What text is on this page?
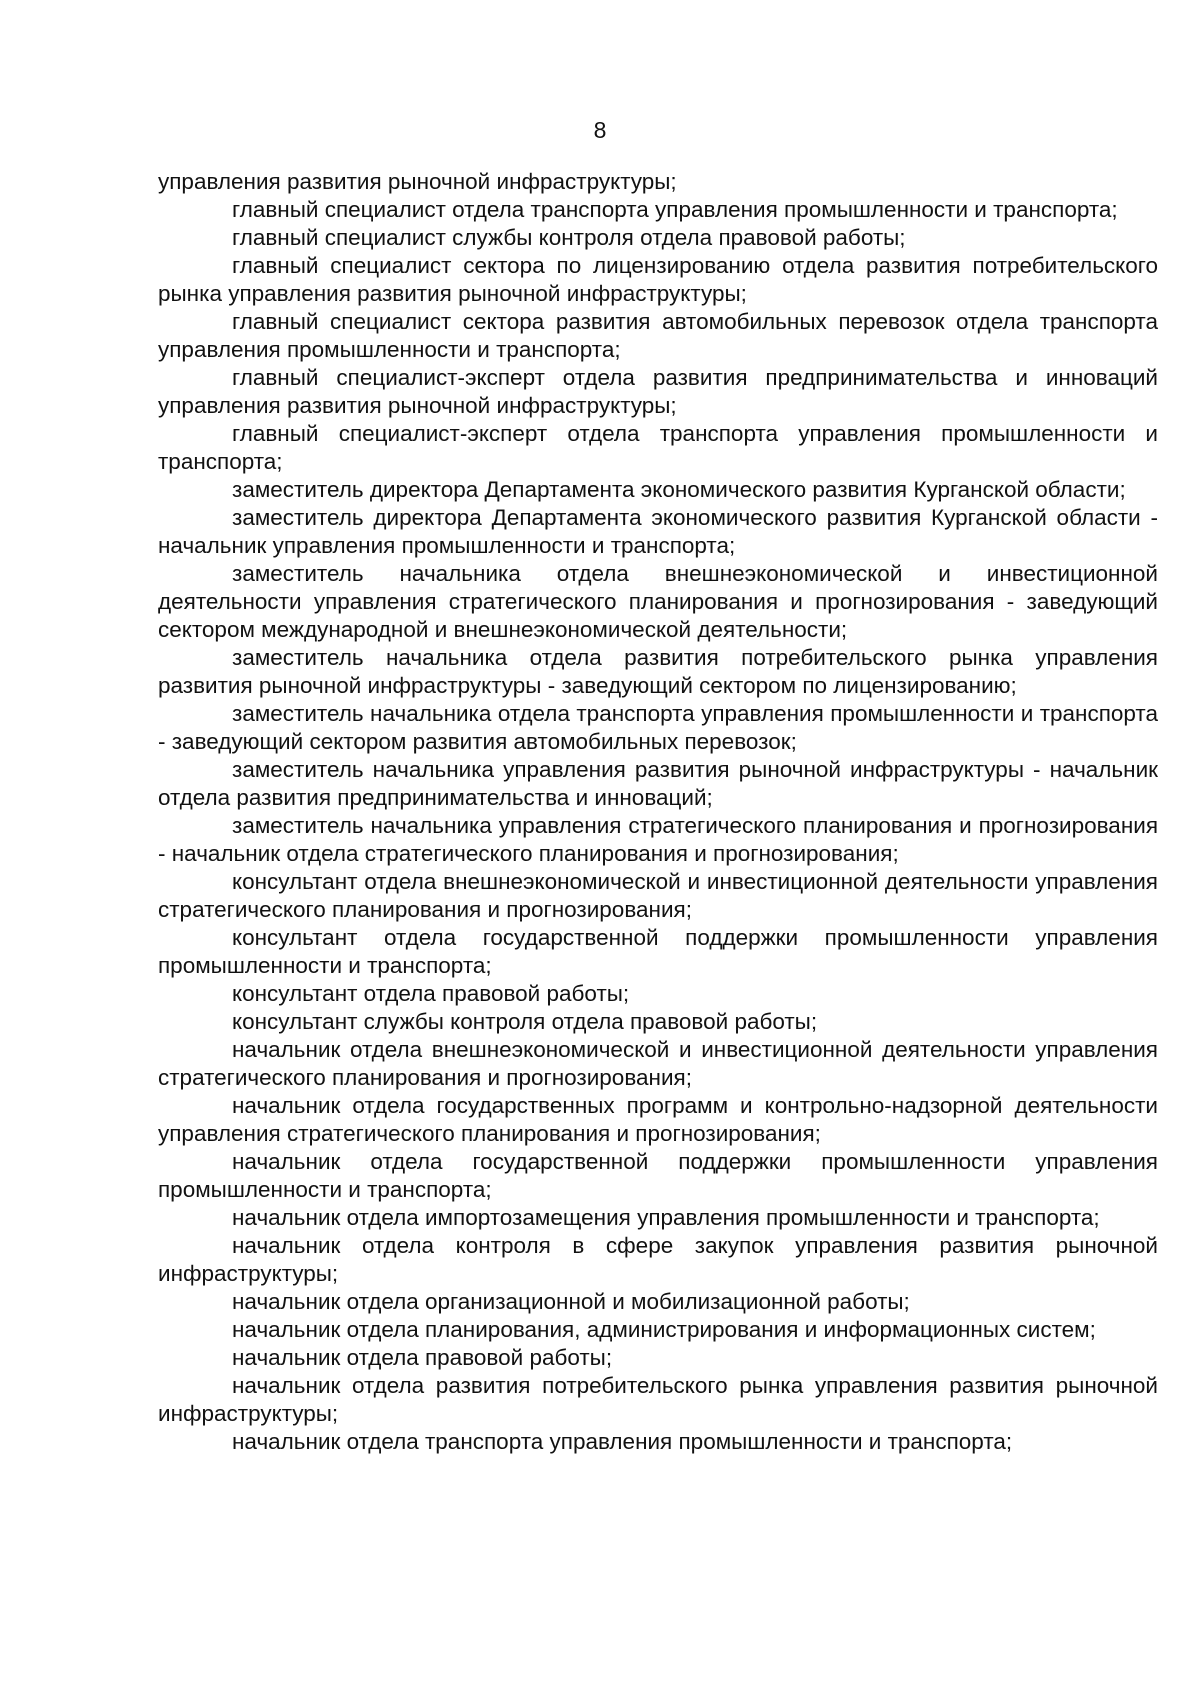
8

управления развития рыночной инфраструктуры;

главный специалист отдела транспорта управления промышленности и транспорта;

главный специалист службы контроля отдела правовой работы;

главный специалист сектора по лицензированию отдела развития потребительского рынка управления развития рыночной инфраструктуры;

главный специалист сектора развития автомобильных перевозок отдела транспорта управления промышленности и транспорта;

главный специалист-эксперт отдела развития предпринимательства и инноваций управления развития рыночной инфраструктуры;

главный специалист-эксперт отдела транспорта управления промышленности и транспорта;

заместитель директора Департамента экономического развития Курганской области;

заместитель директора Департамента экономического развития Курганской области - начальник управления промышленности и транспорта;

заместитель начальника отдела внешнеэкономической и инвестиционной деятельности управления стратегического планирования и прогнозирования - заведующий сектором международной и внешнеэкономической деятельности;

заместитель начальника отдела развития потребительского рынка управления развития рыночной инфраструктуры - заведующий сектором по лицензированию;

заместитель начальника отдела транспорта управления промышленности и транспорта - заведующий сектором развития автомобильных перевозок;

заместитель начальника управления развития рыночной инфраструктуры - начальник отдела развития предпринимательства и инноваций;

заместитель начальника управления стратегического планирования и прогнозирования - начальник отдела стратегического планирования и прогнозирования;

консультант отдела внешнеэкономической и инвестиционной деятельности управления стратегического планирования и прогнозирования;

консультант отдела государственной поддержки промышленности управления промышленности и транспорта;

консультант отдела правовой работы;

консультант службы контроля отдела правовой работы;

начальник отдела внешнеэкономической и инвестиционной деятельности управления стратегического планирования и прогнозирования;

начальник отдела государственных программ и контрольно-надзорной деятельности управления стратегического планирования и прогнозирования;

начальник отдела государственной поддержки промышленности управления промышленности и транспорта;

начальник отдела импортозамещения управления промышленности и транспорта;

начальник отдела контроля в сфере закупок управления развития рыночной инфраструктуры;

начальник отдела организационной и мобилизационной работы;

начальник отдела планирования, администрирования и информационных систем;

начальник отдела правовой работы;

начальник отдела развития потребительского рынка управления развития рыночной инфраструктуры;

начальник отдела транспорта управления промышленности и транспорта;
